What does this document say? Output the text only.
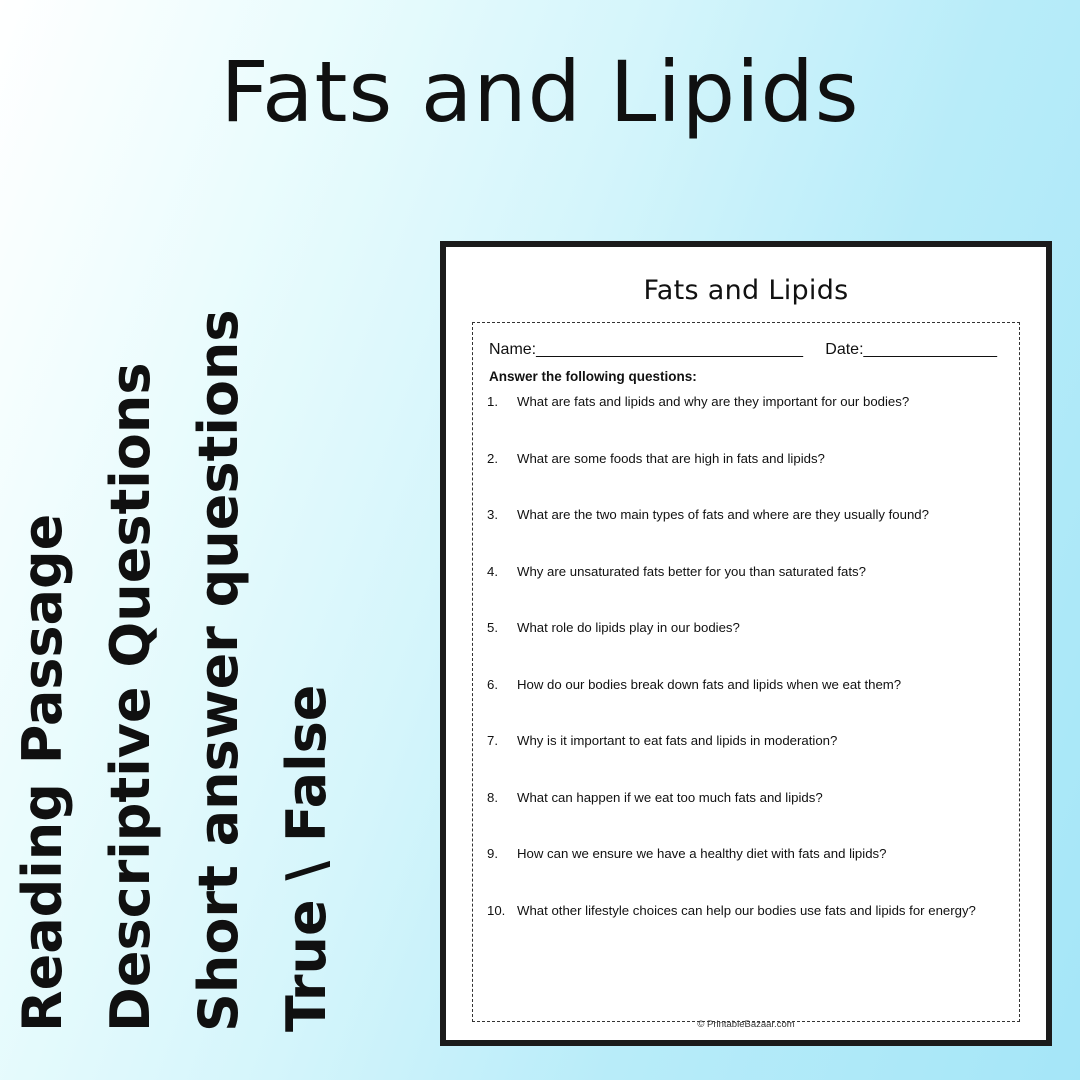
Fats and Lipids
Reading Passage Descriptive Questions Short answer questions True \ False
Fats and Lipids
Name:______________________________ Date:_______________
Answer the following questions:
1.	What are fats and lipids and why are they important for our bodies?
2.	What are some foods that are high in fats and lipids?
3.	What are the two main types of fats and where are they usually found?
4.	Why are unsaturated fats better for you than saturated fats?
5.	What role do lipids play in our bodies?
6.	How do our bodies break down fats and lipids when we eat them?
7.	Why is it important to eat fats and lipids in moderation?
8.	What can happen if we eat too much fats and lipids?
9.	How can we ensure we have a healthy diet with fats and lipids?
10. What other lifestyle choices can help our bodies use fats and lipids for energy?
© PrintableBazaar.com
